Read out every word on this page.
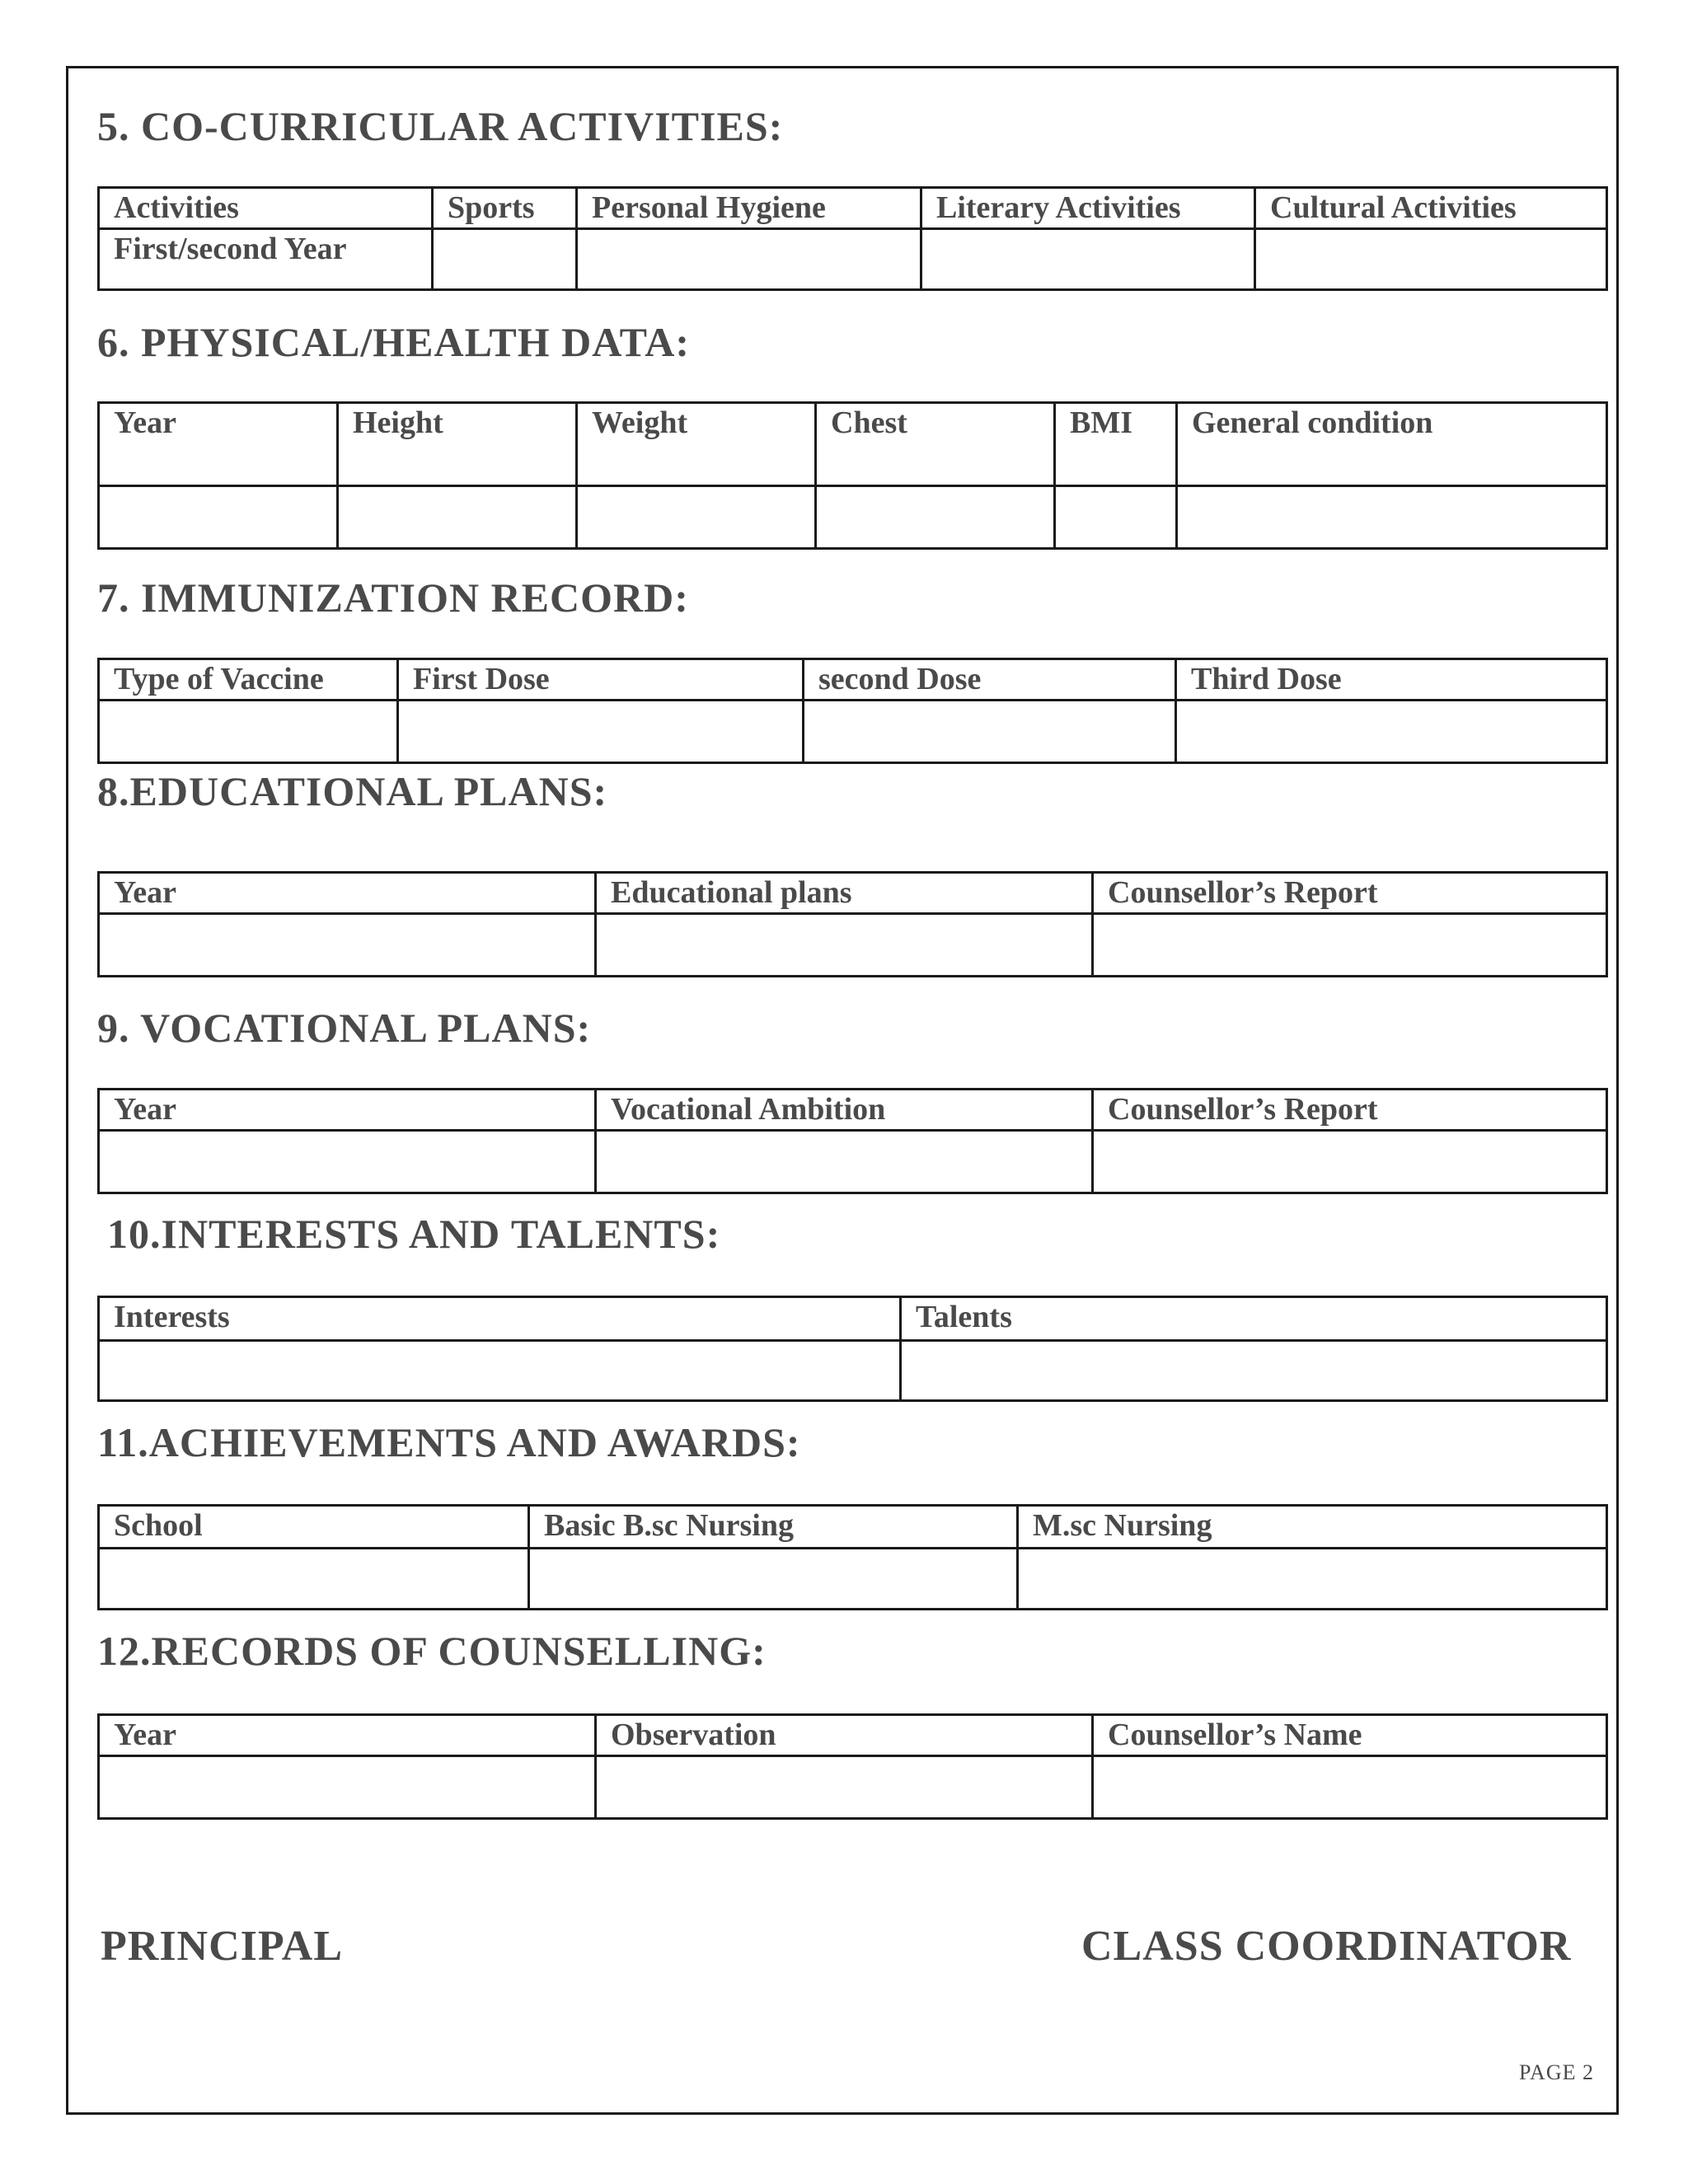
5. CO-CURRICULAR ACTIVITIES:
Activities	Sports	Personal Hygiene	Literary Activities	Cultural Activities
First/second Year				
6. PHYSICAL/HEALTH DATA:
Year	Height	Weight	Chest	BMI	General condition

7. IMMUNIZATION RECORD:
Type of Vaccine	First Dose	second Dose	Third Dose

8.EDUCATIONAL PLANS:
Year	Educational plans	Counsellor’s Report

9. VOCATIONAL PLANS:
Year	Vocational Ambition	Counsellor’s Report

10.INTERESTS AND TALENTS:
Interests	Talents

11.ACHIEVEMENTS AND AWARDS:
School	Basic B.sc Nursing	M.sc Nursing

12.RECORDS OF COUNSELLING:
Year	Observation	Counsellor’s Name

PRINCIPAL	CLASS COORDINATOR
PAGE 2
